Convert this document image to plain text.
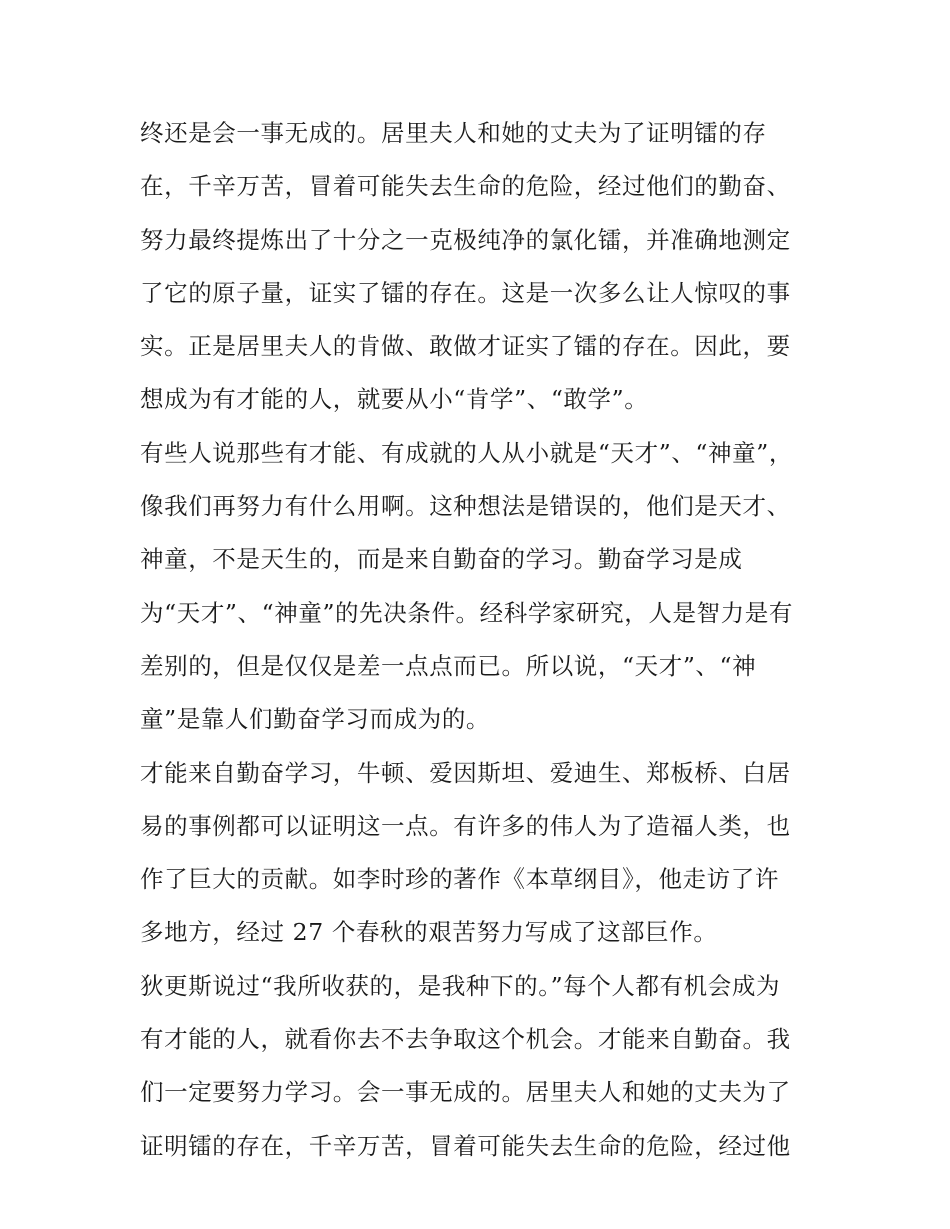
终还是会一事无成的。居里夫人和她的丈夫为了证明镭的存
在，千辛万苦，冒着可能失去生命的危险，经过他们的勤奋、
努力最终提炼出了十分之一克极纯净的氯化镭，并准确地测定
了它的原子量，证实了镭的存在。这是一次多么让人惊叹的事
实。正是居里夫人的肯做、敢做才证实了镭的存在。因此，要
想成为有才能的人，就要从小“肯学”、“敢学”。
有些人说那些有才能、有成就的人从小就是“天才”、“神童”，
像我们再努力有什么用啊。这种想法是错误的，他们是天才、
神童，不是天生的，而是来自勤奋的学习。勤奋学习是成
为“天才”、“神童”的先决条件。经科学家研究，人是智力是有
差别的，但是仅仅是差一点点而已。所以说，“天才”、“神
童”是靠人们勤奋学习而成为的。
才能来自勤奋学习，牛顿、爱因斯坦、爱迪生、郑板桥、白居
易的事例都可以证明这一点。有许多的伟人为了造福人类，也
作了巨大的贡献。如李时珍的著作《本草纲目》，他走访了许
多地方，经过 27 个春秋的艰苦努力写成了这部巨作。
狄更斯说过“我所收获的，是我种下的。”每个人都有机会成为
有才能的人，就看你去不去争取这个机会。才能来自勤奋。我
们一定要努力学习。会一事无成的。居里夫人和她的丈夫为了
证明镭的存在，千辛万苦，冒着可能失去生命的危险，经过他
